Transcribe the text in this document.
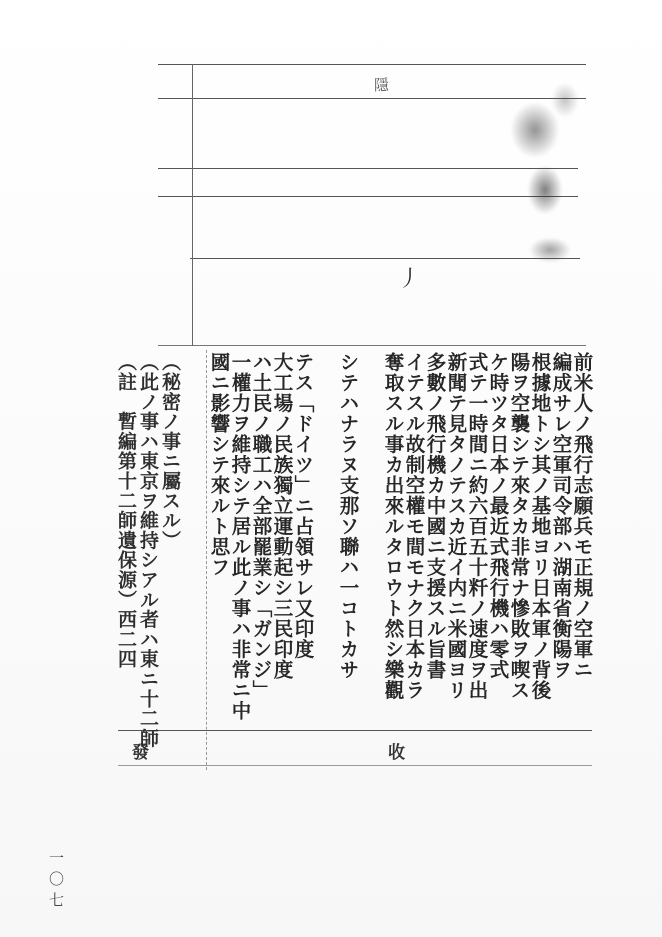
隱
丿
前米人ノ飛行志願兵モ正規ノ空軍ニ
編成サレ空軍司令部ハ湖南省衡陽ヲ
根據地トシ其ノ基地ヨリ日本軍ノ背後
陽ヲ空襲シテ來タカ非常ナ慘敗ヲ喫ス
ケ時ツタ日本ノ最近式飛行機ハ零式
式テ一時間ニ約六百五十粁ノ速度ヲ出
新聞テ見タノテスカ近イ内ニ米國ヨリ
多數ノ飛行機カ中國ニ支援スル旨書
イテスル故制空權モ間モナク日本カラ
奪取スル事カ出來ルタロウト然シ樂觀
シテハナラヌ支那ソ聯ハ一コトカサ
テス「ドイツ」ニ占領サレ又印度
大工場ノ民族獨立運動起シ三民印度
ハ土民ノ職工ハ全部罷業シ「ガンジ」
一權力ヲ維持シテ居ル此ノ事ハ非常ニ中
國ニ影響シテ來ルト思フ
（秘密ノ事ニ屬スル）
（此ノ事ハ東京ヲ維持シアル者ハ東ニ十二師
（註　暫編第十二師遺保源）西二四
發	收
一〇七
